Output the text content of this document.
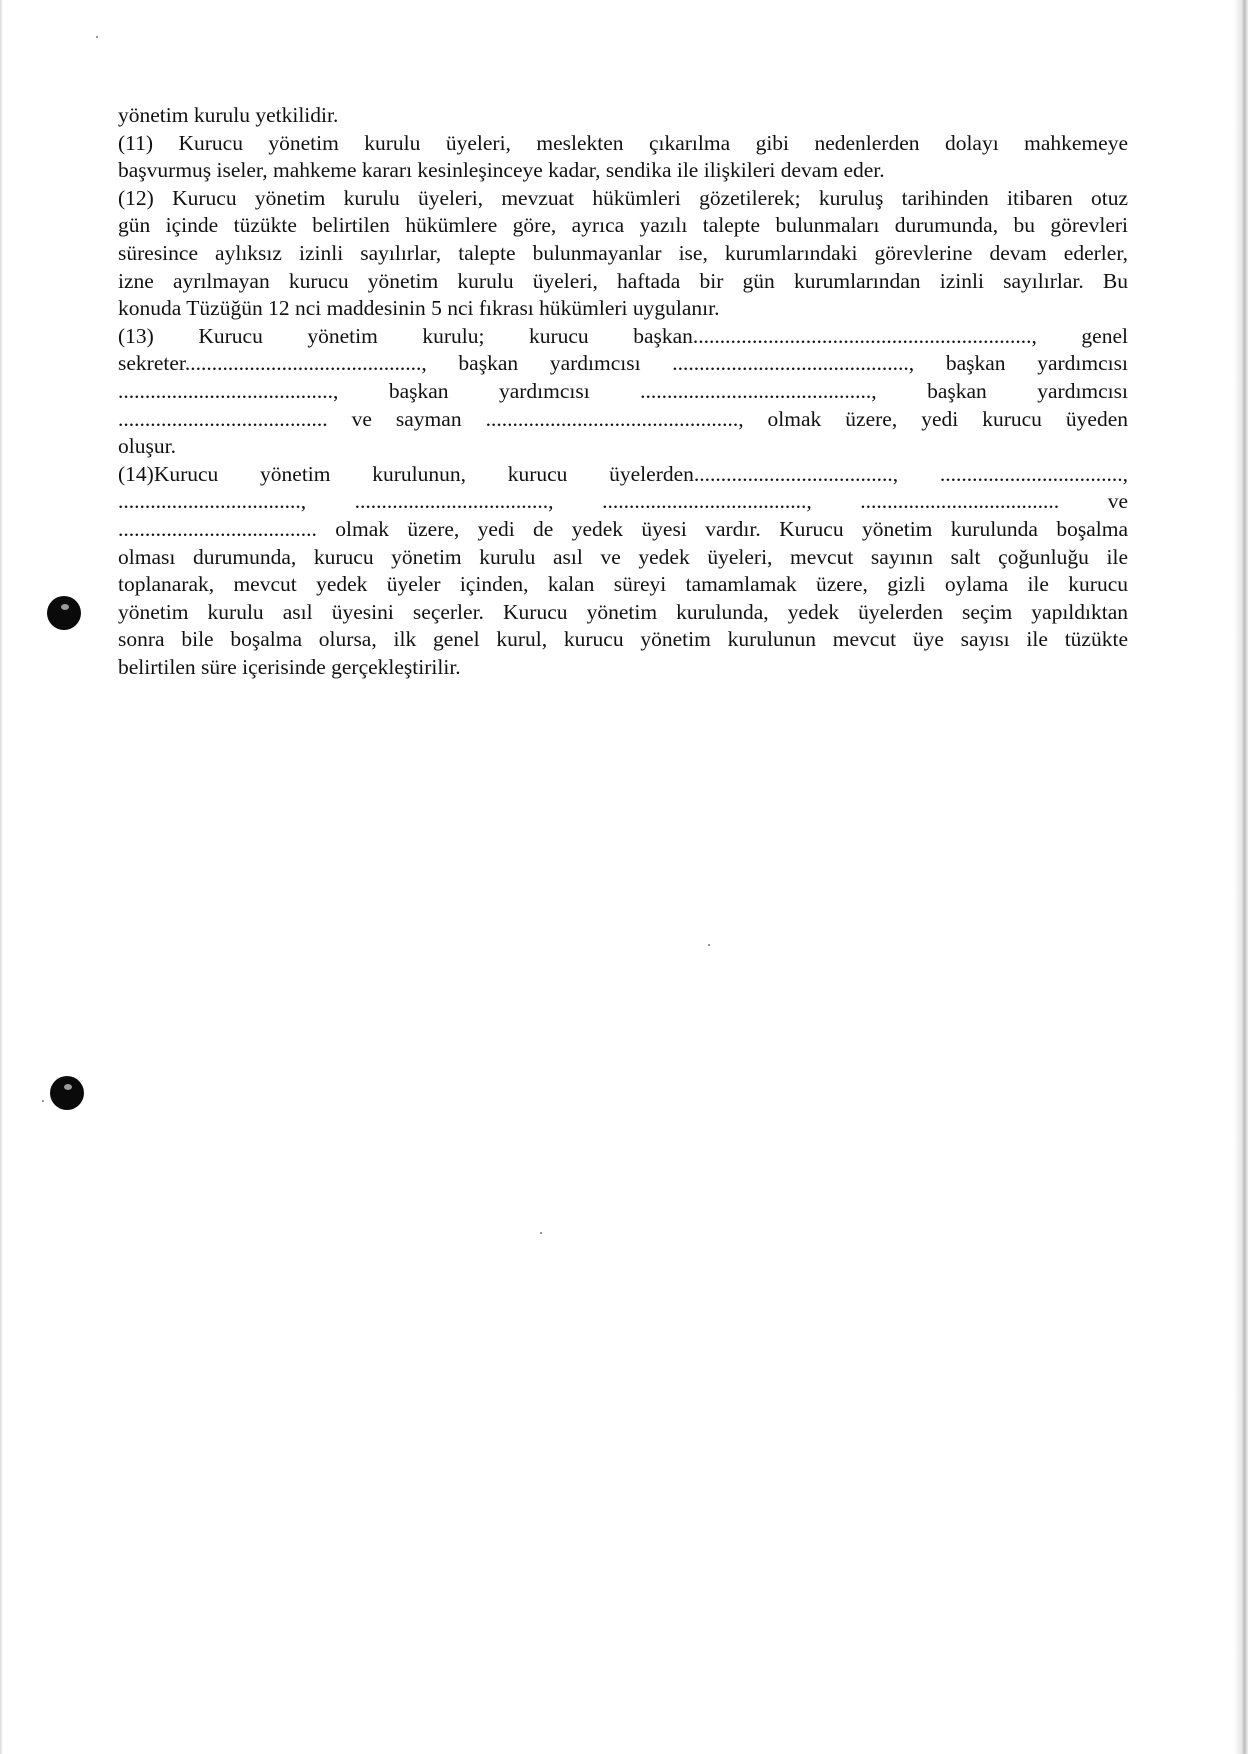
yönetim kurulu yetkilidir.
(11) Kurucu yönetim kurulu üyeleri, meslekten çıkarılma gibi nedenlerden dolayı mahkemeye
başvurmuş iseler, mahkeme kararı kesinleşinceye kadar, sendika ile ilişkileri devam eder.
(12) Kurucu yönetim kurulu üyeleri, mevzuat hükümleri gözetilerek; kuruluş tarihinden itibaren otuz
gün içinde tüzükte belirtilen hükümlere göre, ayrıca yazılı talepte bulunmaları durumunda, bu görevleri
süresince aylıksız izinli sayılırlar, talepte bulunmayanlar ise, kurumlarındaki görevlerine devam ederler,
izne ayrılmayan kurucu yönetim kurulu üyeleri, haftada bir gün kurumlarından izinli sayılırlar. Bu
konuda Tüzüğün 12 nci maddesinin 5 nci fıkrası hükümleri uygulanır.
(13) Kurucu yönetim kurulu; kurucu başkan..............................................................., genel
sekreter............................................, başkan yardımcısı ............................................, başkan yardımcısı
........................................, başkan yardımcısı ..........................................., başkan yardımcısı
....................................... ve sayman ..............................................., olmak üzere, yedi kurucu üyeden
oluşur.
(14)Kurucu yönetim kurulunun, kurucu üyelerden....................................., ..................................,
.................................., ...................................., ......................................, ..................................... ve
..................................... olmak üzere, yedi de yedek üyesi vardır. Kurucu yönetim kurulunda boşalma
olması durumunda, kurucu yönetim kurulu asıl ve yedek üyeleri, mevcut sayının salt çoğunluğu ile
toplanarak, mevcut yedek üyeler içinden, kalan süreyi tamamlamak üzere, gizli oylama ile kurucu
yönetim kurulu asıl üyesini seçerler. Kurucu yönetim kurulunda, yedek üyelerden seçim yapıldıktan
sonra bile boşalma olursa, ilk genel kurul, kurucu yönetim kurulunun mevcut üye sayısı ile tüzükte
belirtilen süre içerisinde gerçekleştirilir.
